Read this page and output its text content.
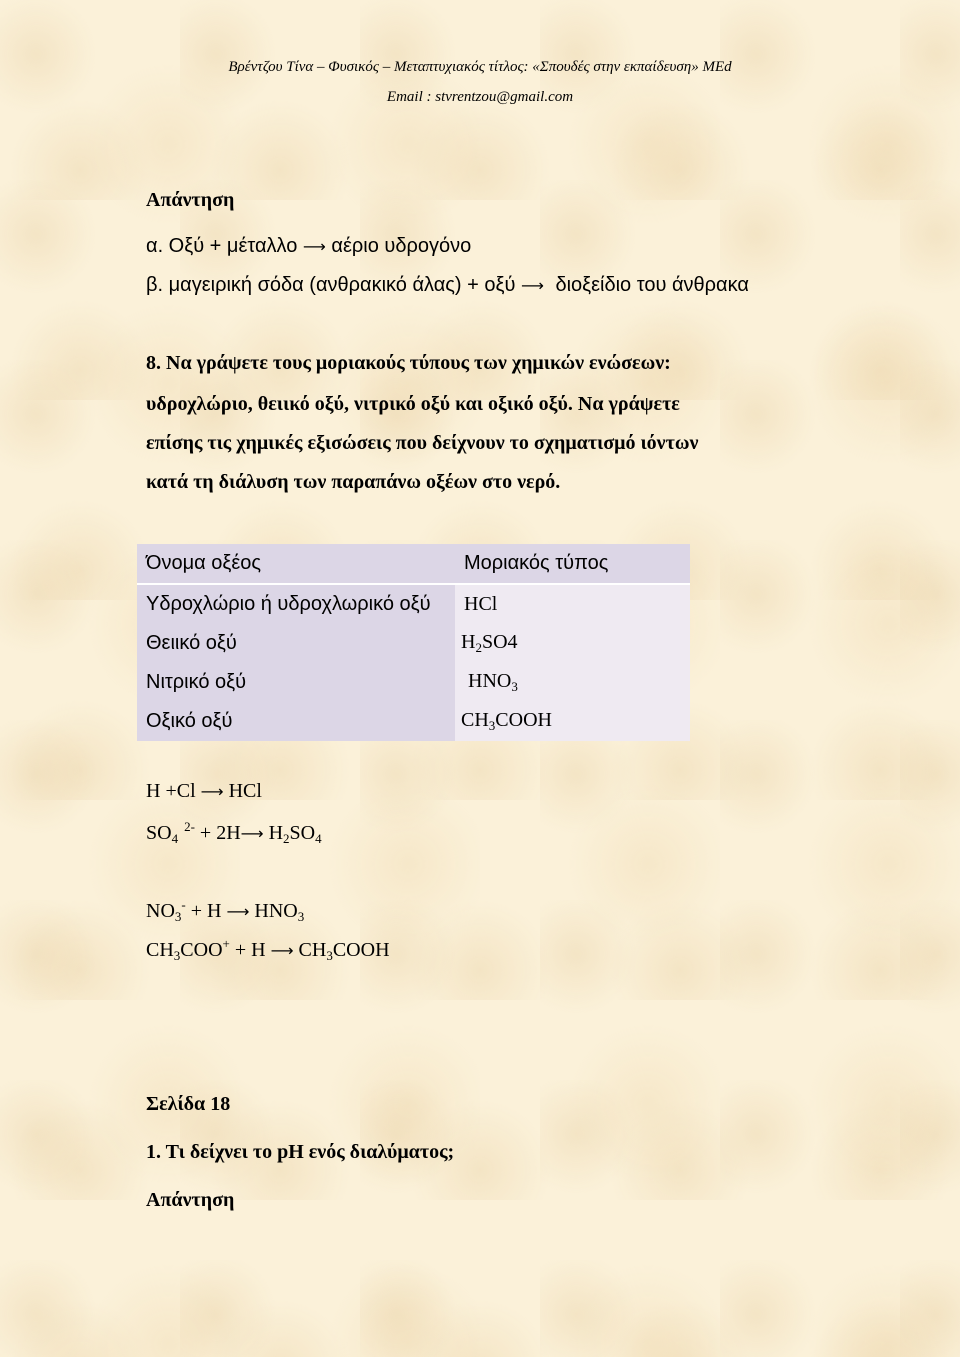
Βρέντζου Τίνα – Φυσικός – Μεταπτυχιακός τίτλος: «Σπουδές στην εκπαίδευση» MEd
Email : stvrentzou@gmail.com
Απάντηση
α. Οξύ + μέταλλο ⟶ αέριο υδρογόνο
β. μαγειρική σόδα (ανθρακικό άλας) + οξύ ⟶ διοξείδιο του άνθρακα
8. Να γράψετε τους μοριακούς τύπους των χημικών ενώσεων:
υδροχλώριο, θειικό οξύ, νιτρικό οξύ και οξικό οξύ. Να γράψετε
επίσης τις χημικές εξισώσεις που δείχνουν το σχηματισμό ιόντων
κατά τη διάλυση των παραπάνω οξέων στο νερό.
Όνομα οξέος	Μοριακός τύπος
Υδροχλώριο ή υδροχλωρικό οξύ	HCl
Θειικό οξύ	$H_2SO4$
Νιτρικό οξύ	$HNO_3$
Οξικό οξύ	$CH_3COOH$
H +Cl ⟶ HCl
$SO_4^{2-}$ + 2H⟶ $H_2SO_4$
$NO_3^- + H$ ⟶ $HNO_3$
$CH_3COO^+ + H$ ⟶ $CH_3COOH$
Σελίδα 18
1. Τι δείχνει το pH ενός διαλύματος;
Απάντηση
